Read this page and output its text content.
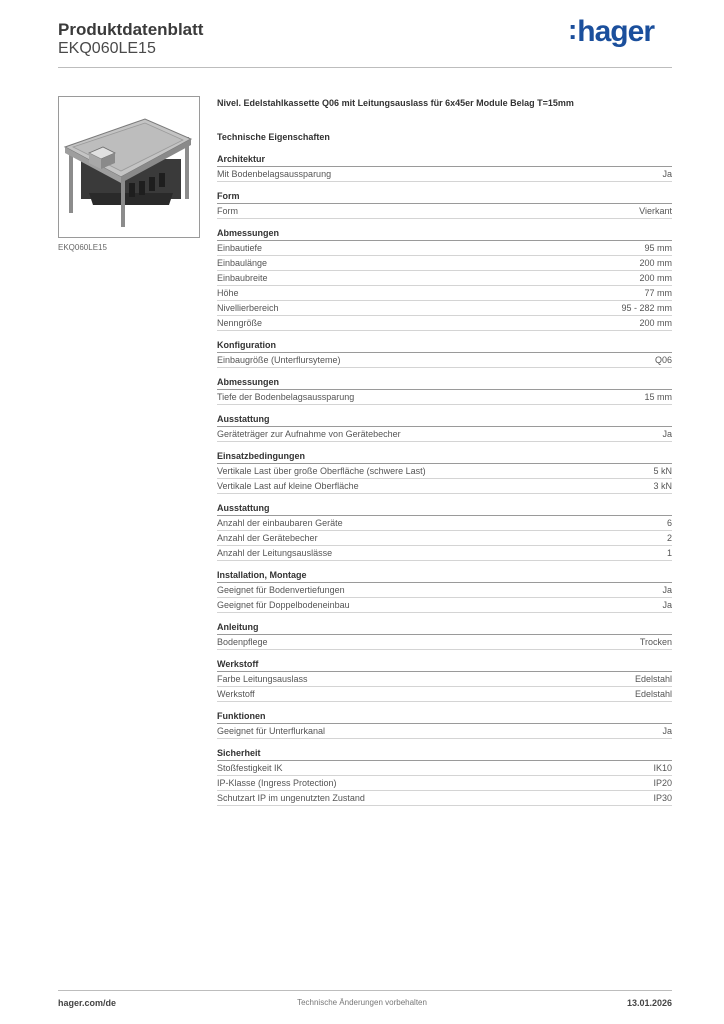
Produktdatenblatt
EKQ060LE15
:hager
EKQ060LE15
Nivel. Edelstahlkassette Q06 mit Leitungsauslass für 6x45er Module Belag T=15mm
Technische Eigenschaften
Architektur
Mit Bodenbelagsaussparung	Ja
Form
Form	Vierkant
Abmessungen
Einbautiefe	95 mm
Einbaulänge	200 mm
Einbaubreite	200 mm
Höhe	77 mm
Nivellierbereich	95 - 282 mm
Nenngröße	200 mm
Konfiguration
Einbaugröße (Unterflursyteme)	Q06
Abmessungen
Tiefe der Bodenbelagsaussparung	15 mm
Ausstattung
Geräteträger zur Aufnahme von Gerätebecher	Ja
Einsatzbedingungen
Vertikale Last über große Oberfläche (schwere Last)	5 kN
Vertikale Last auf kleine Oberfläche	3 kN
Ausstattung
Anzahl der einbaubaren Geräte	6
Anzahl der Gerätebecher	2
Anzahl der Leitungsauslässe	1
Installation, Montage
Geeignet für Bodenvertiefungen	Ja
Geeignet für Doppelbodeneinbau	Ja
Anleitung
Bodenpflege	Trocken
Werkstoff
Farbe Leitungsauslass	Edelstahl
Werkstoff	Edelstahl
Funktionen
Geeignet für Unterflurkanal	Ja
Sicherheit
Stoßfestigkeit IK	IK10
IP-Klasse (Ingress Protection)	IP20
Schutzart IP im ungenutzten Zustand	IP30
hager.com/de	Technische Änderungen vorbehalten	13.01.2026
